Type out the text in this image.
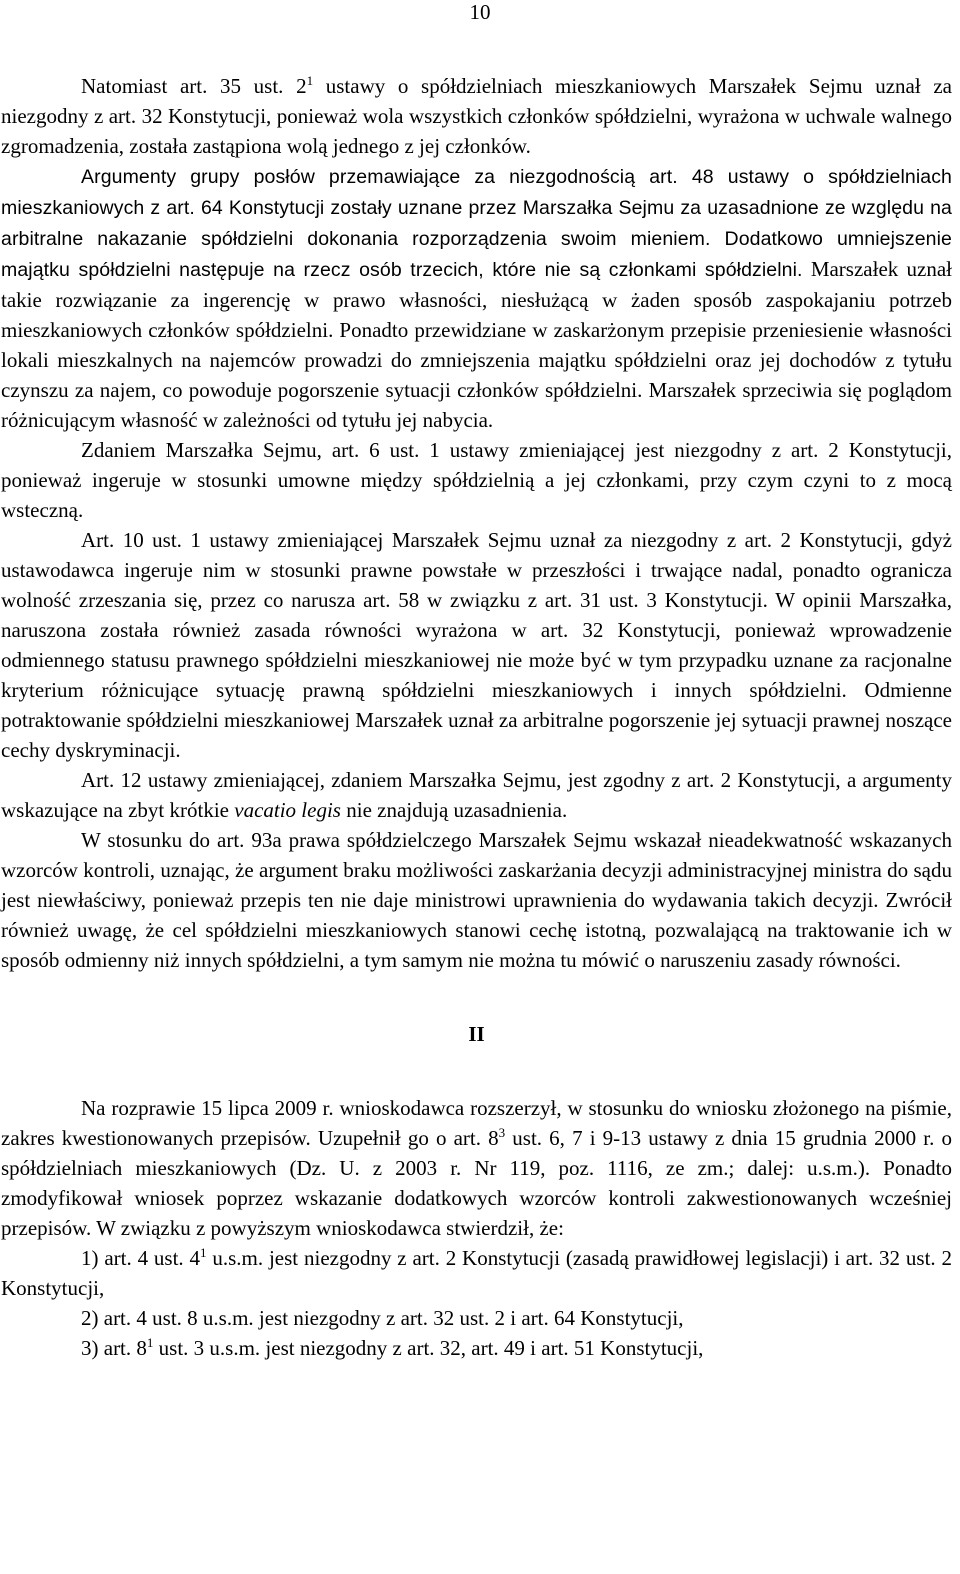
10

Natomiast art. 35 ust. $2^1$ ustawy o spółdzielniach mieszkaniowych Marszałek Sejmu uznał za niezgodny z art. 32 Konstytucji, ponieważ wola wszystkich członków spółdzielni, wyrażona w uchwale walnego zgromadzenia, została zastąpiona wolą jednego z jej członków.

Argumenty grupy posłów przemawiające za niezgodnością art. 48 ustawy o spółdzielniach mieszkaniowych z art. 64 Konstytucji zostały uznane przez Marszałka Sejmu za uzasadnione ze względu na arbitralne nakazanie spółdzielni dokonania rozporządzenia swoim mieniem. Dodatkowo umniejszenie majątku spółdzielni następuje na rzecz osób trzecich, które nie są członkami spółdzielni. Marszałek uznał takie rozwiązanie za ingerencję w prawo własności, niesłużącą w żaden sposób zaspokajaniu potrzeb mieszkaniowych członków spółdzielni. Ponadto przewidziane w zaskarżonym przepisie przeniesienie własności lokali mieszkalnych na najemców prowadzi do zmniejszenia majątku spółdzielni oraz jej dochodów z tytułu czynszu za najem, co powoduje pogorszenie sytuacji członków spółdzielni. Marszałek sprzeciwia się poglądom różnicującym własność w zależności od tytułu jej nabycia.

Zdaniem Marszałka Sejmu, art. 6 ust. 1 ustawy zmieniającej jest niezgodny z art. 2 Konstytucji, ponieważ ingeruje w stosunki umowne między spółdzielnią a jej członkami, przy czym czyni to z mocą wsteczną.

Art. 10 ust. 1 ustawy zmieniającej Marszałek Sejmu uznał za niezgodny z art. 2 Konstytucji, gdyż ustawodawca ingeruje nim w stosunki prawne powstałe w przeszłości i trwające nadal, ponadto ogranicza wolność zrzeszania się, przez co narusza art. 58 w związku z art. 31 ust. 3 Konstytucji. W opinii Marszałka, naruszona została również zasada równości wyrażona w art. 32 Konstytucji, ponieważ wprowadzenie odmiennego statusu prawnego spółdzielni mieszkaniowej nie może być w tym przypadku uznane za racjonalne kryterium różnicujące sytuację prawną spółdzielni mieszkaniowych i innych spółdzielni. Odmienne potraktowanie spółdzielni mieszkaniowej Marszałek uznał za arbitralne pogorszenie jej sytuacji prawnej noszące cechy dyskryminacji.

Art. 12 ustawy zmieniającej, zdaniem Marszałka Sejmu, jest zgodny z art. 2 Konstytucji, a argumenty wskazujące na zbyt krótkie vacatio legis nie znajdują uzasadnienia.

W stosunku do art. 93a prawa spółdzielczego Marszałek Sejmu wskazał nieadekwatność wskazanych wzorców kontroli, uznając, że argument braku możliwości zaskarżania decyzji administracyjnej ministra do sądu jest niewłaściwy, ponieważ przepis ten nie daje ministrowi uprawnienia do wydawania takich decyzji. Zwrócił również uwagę, że cel spółdzielni mieszkaniowych stanowi cechę istotną, pozwalającą na traktowanie ich w sposób odmienny niż innych spółdzielni, a tym samym nie można tu mówić o naruszeniu zasady równości.

II

Na rozprawie 15 lipca 2009 r. wnioskodawca rozszerzył, w stosunku do wniosku złożonego na piśmie, zakres kwestionowanych przepisów. Uzupełnił go o art. $8^3$ ust. 6, 7 i 9-13 ustawy z dnia 15 grudnia 2000 r. o spółdzielniach mieszkaniowych (Dz. U. z 2003 r. Nr 119, poz. 1116, ze zm.; dalej: u.s.m.). Ponadto zmodyfikował wniosek poprzez wskazanie dodatkowych wzorców kontroli zakwestionowanych wcześniej przepisów. W związku z powyższym wnioskodawca stwierdził, że:

1) art. 4 ust. $4^1$ u.s.m. jest niezgodny z art. 2 Konstytucji (zasadą prawidłowej legislacji) i art. 32 ust. 2 Konstytucji,

2) art. 4 ust. 8 u.s.m. jest niezgodny z art. 32 ust. 2 i art. 64 Konstytucji,

3) art. $8^1$ ust. 3 u.s.m. jest niezgodny z art. 32, art. 49 i art. 51 Konstytucji,
